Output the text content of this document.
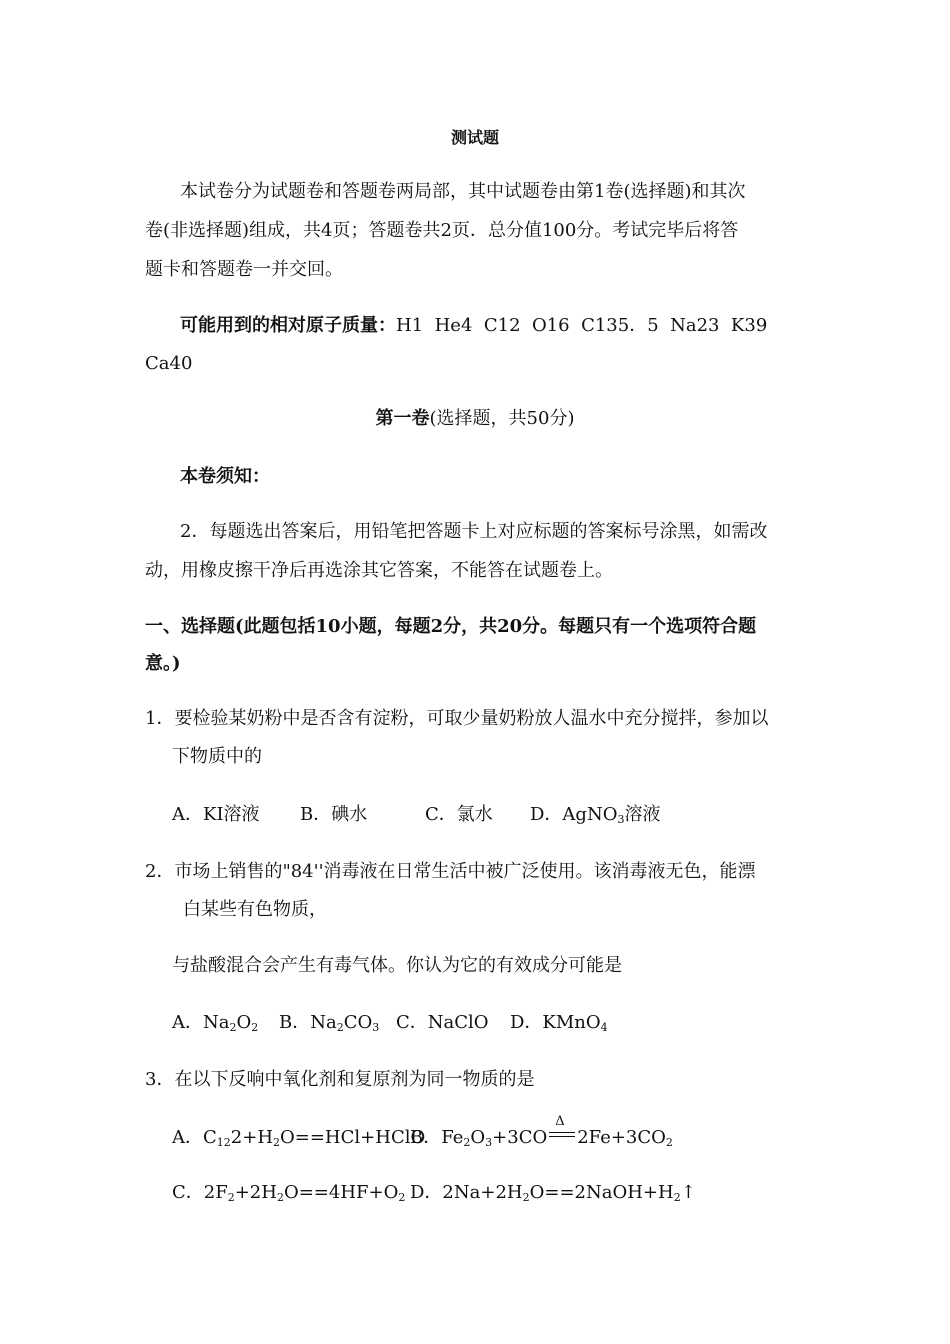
测试题
本试卷分为试题卷和答题卷两局部，其中试题卷由第1卷(选择题)和其次
卷(非选择题)组成，共4页；答题卷共2页．总分值100分。考试完毕后将答
题卡和答题卷一并交回。
可能用到的相对原子质量：H1  He4  C12  O16  C135．5  Na23  K39
Ca40
第一卷(选择题，共50分)
本卷须知：
2．每题选出答案后，用铅笔把答题卡上对应标题的答案标号涂黑，如需改
动，用橡皮擦干净后再选涂其它答案，不能答在试题卷上。
一、选择题(此题包括10小题，每题2分，共20分。每题只有一个选项符合题
意。)
1．要检验某奶粉中是否含有淀粉，可取少量奶粉放人温水中充分搅拌，参加以
下物质中的
A．KI溶液 B．碘水	C．氯水 D．AgNO$_3$溶液
2．市场上销售的"84''消毒液在日常生活中被广泛使用。该消毒液无色，能漂
白某些有色物质，
与盐酸混合会产生有毒气体。你认为它的有效成分可能是
A．$Na_2O_2$ B．$Na_2CO_3$ C．NaClO D．KMnO$_4$
3．在以下反响中氧化剂和复原剂为同一物质的是
A．$C_{12}2+H_2O==HCl+HClO$
B．$Fe_2O_3+3CO$
Δ
$2Fe+3CO_2$
C．$2F_2+2H_2O==4HF+O_2$ D．$2Na+2H_2O==2NaOH+H_2↑$
